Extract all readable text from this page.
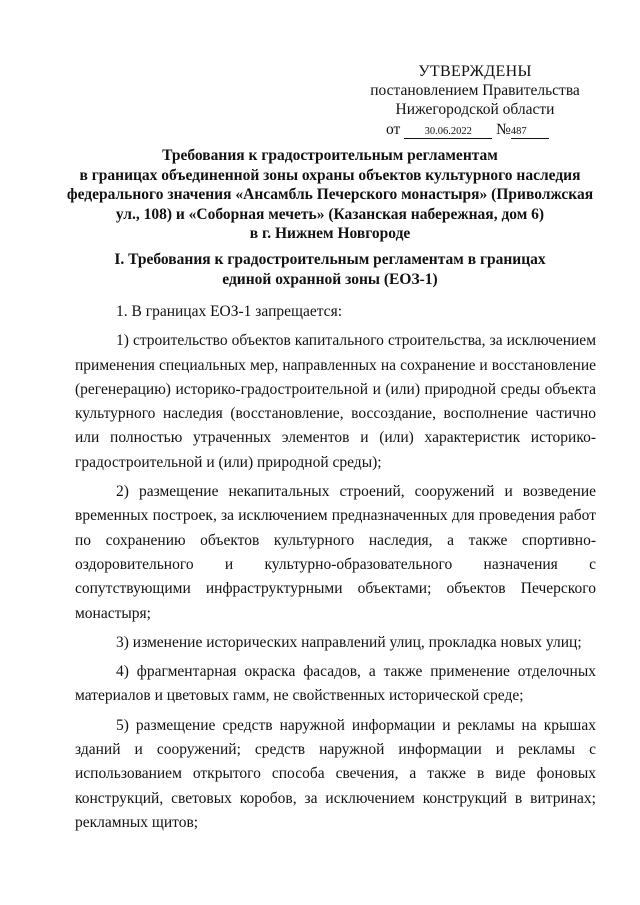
УТВЕРЖДЕНЫ
постановлением Правительства
Нижегородской области
от 30.06.2022 №487
Требования к градостроительным регламентам
в границах объединенной зоны охраны объектов культурного наследия
федерального значения «Ансамбль Печерского монастыря» (Приволжская
ул., 108) и «Соборная мечеть» (Казанская набережная, дом 6)
в г. Нижнем Новгороде
I. Требования к градостроительным регламентам в границах
единой охранной зоны (ЕОЗ-1)

1. В границах ЕОЗ-1 запрещается:

1) строительство объектов капитального строительства, за исключением применения специальных мер, направленных на сохранение и восстановление (регенерацию) историко-градостроительной и (или) природной среды объекта культурного наследия (восстановление, воссоздание, восполнение частично или полностью утраченных элементов и (или) характеристик историко-градостроительной и (или) природной среды);

2) размещение некапитальных строений, сооружений и возведение временных построек, за исключением предназначенных для проведения работ по сохранению объектов культурного наследия, а также спортивно-оздоровительного и культурно-образовательного назначения с сопутствующими инфраструктурными объектами; объектов Печерского монастыря;

3) изменение исторических направлений улиц, прокладка новых улиц;

4) фрагментарная окраска фасадов, а также применение отделочных материалов и цветовых гамм, не свойственных исторической среде;

5) размещение средств наружной информации и рекламы на крышах зданий и сооружений; средств наружной информации и рекламы с использованием открытого способа свечения, а также в виде фоновых конструкций, световых коробов, за исключением конструкций в витринах; рекламных щитов;
